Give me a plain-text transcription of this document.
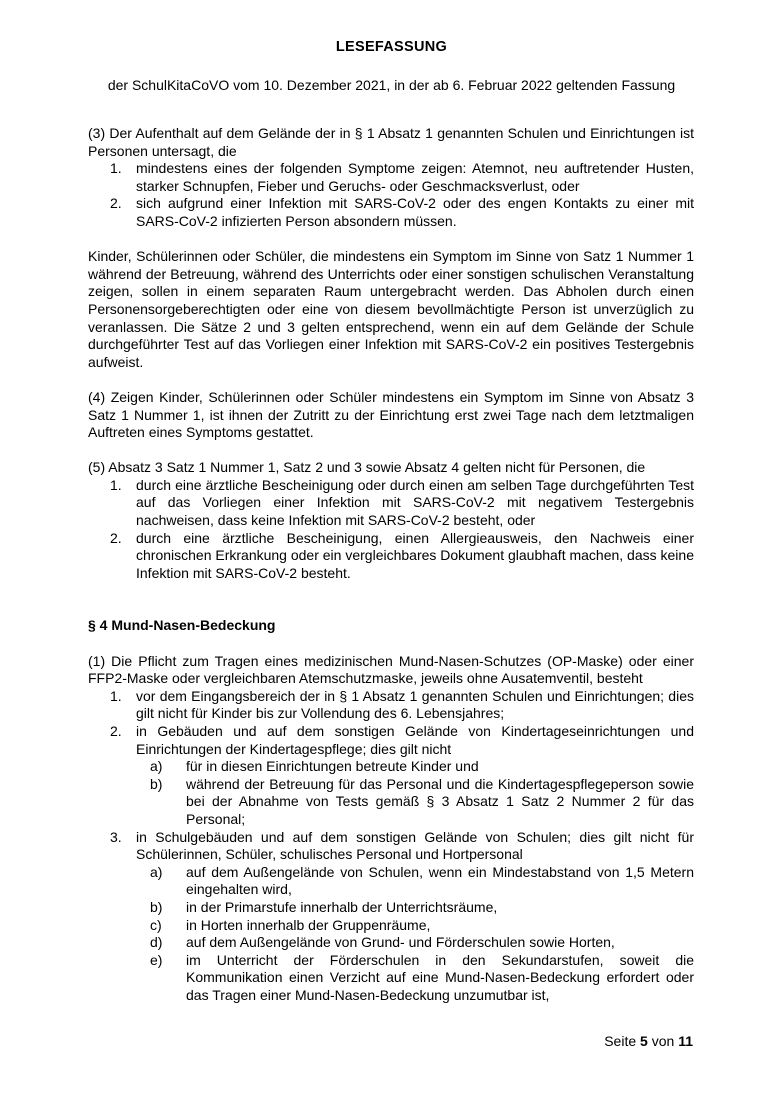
LESEFASSUNG
der SchulKitaCoVO vom 10. Dezember 2021, in der ab 6. Februar 2022 geltenden Fassung

(3) Der Aufenthalt auf dem Gelände der in § 1 Absatz 1 genannten Schulen und Einrichtungen ist Personen untersagt, die

1. mindestens eines der folgenden Symptome zeigen: Atemnot, neu auftretender Husten, starker Schnupfen, Fieber und Geruchs- oder Geschmacksverlust, oder
2. sich aufgrund einer Infektion mit SARS-CoV-2 oder des engen Kontakts zu einer mit SARS-CoV-2 infizierten Person absondern müssen.

Kinder, Schülerinnen oder Schüler, die mindestens ein Symptom im Sinne von Satz 1 Nummer 1 während der Betreuung, während des Unterrichts oder einer sonstigen schulischen Veranstaltung zeigen, sollen in einem separaten Raum untergebracht werden. Das Abholen durch einen Personensorgeberechtigten oder eine von diesem bevollmächtigte Person ist unverzüglich zu veranlassen. Die Sätze 2 und 3 gelten entsprechend, wenn ein auf dem Gelände der Schule durchgeführter Test auf das Vorliegen einer Infektion mit SARS-CoV-2 ein positives Testergebnis aufweist.

(4) Zeigen Kinder, Schülerinnen oder Schüler mindestens ein Symptom im Sinne von Absatz 3 Satz 1 Nummer 1, ist ihnen der Zutritt zu der Einrichtung erst zwei Tage nach dem letztmaligen Auftreten eines Symptoms gestattet.

(5) Absatz 3 Satz 1 Nummer 1, Satz 2 und 3 sowie Absatz 4 gelten nicht für Personen, die

1. durch eine ärztliche Bescheinigung oder durch einen am selben Tage durchgeführten Test auf das Vorliegen einer Infektion mit SARS-CoV-2 mit negativem Testergebnis nachweisen, dass keine Infektion mit SARS-CoV-2 besteht, oder
2. durch eine ärztliche Bescheinigung, einen Allergieausweis, den Nachweis einer chronischen Erkrankung oder ein vergleichbares Dokument glaubhaft machen, dass keine Infektion mit SARS-CoV-2 besteht.

§ 4 Mund-Nasen-Bedeckung

(1) Die Pflicht zum Tragen eines medizinischen Mund-Nasen-Schutzes (OP-Maske) oder einer FFP2-Maske oder vergleichbaren Atemschutzmaske, jeweils ohne Ausatemventil, besteht

1. vor dem Eingangsbereich der in § 1 Absatz 1 genannten Schulen und Einrichtungen; dies gilt nicht für Kinder bis zur Vollendung des 6. Lebensjahres;
2. in Gebäuden und auf dem sonstigen Gelände von Kindertageseinrichtungen und Einrichtungen der Kindertagespflege; dies gilt nicht
a) für in diesen Einrichtungen betreute Kinder und
b) während der Betreuung für das Personal und die Kindertagespflegeperson sowie bei der Abnahme von Tests gemäß § 3 Absatz 1 Satz 2 Nummer 2 für das Personal;
3. in Schulgebäuden und auf dem sonstigen Gelände von Schulen; dies gilt nicht für Schülerinnen, Schüler, schulisches Personal und Hortpersonal
a) auf dem Außengelände von Schulen, wenn ein Mindestabstand von 1,5 Metern eingehalten wird,
b) in der Primarstufe innerhalb der Unterrichtsräume,
c) in Horten innerhalb der Gruppenräume,
d) auf dem Außengelände von Grund- und Förderschulen sowie Horten,
e) im Unterricht der Förderschulen in den Sekundarstufen, soweit die Kommunikation einen Verzicht auf eine Mund-Nasen-Bedeckung erfordert oder das Tragen einer Mund-Nasen-Bedeckung unzumutbar ist,
Seite 5 von 11
